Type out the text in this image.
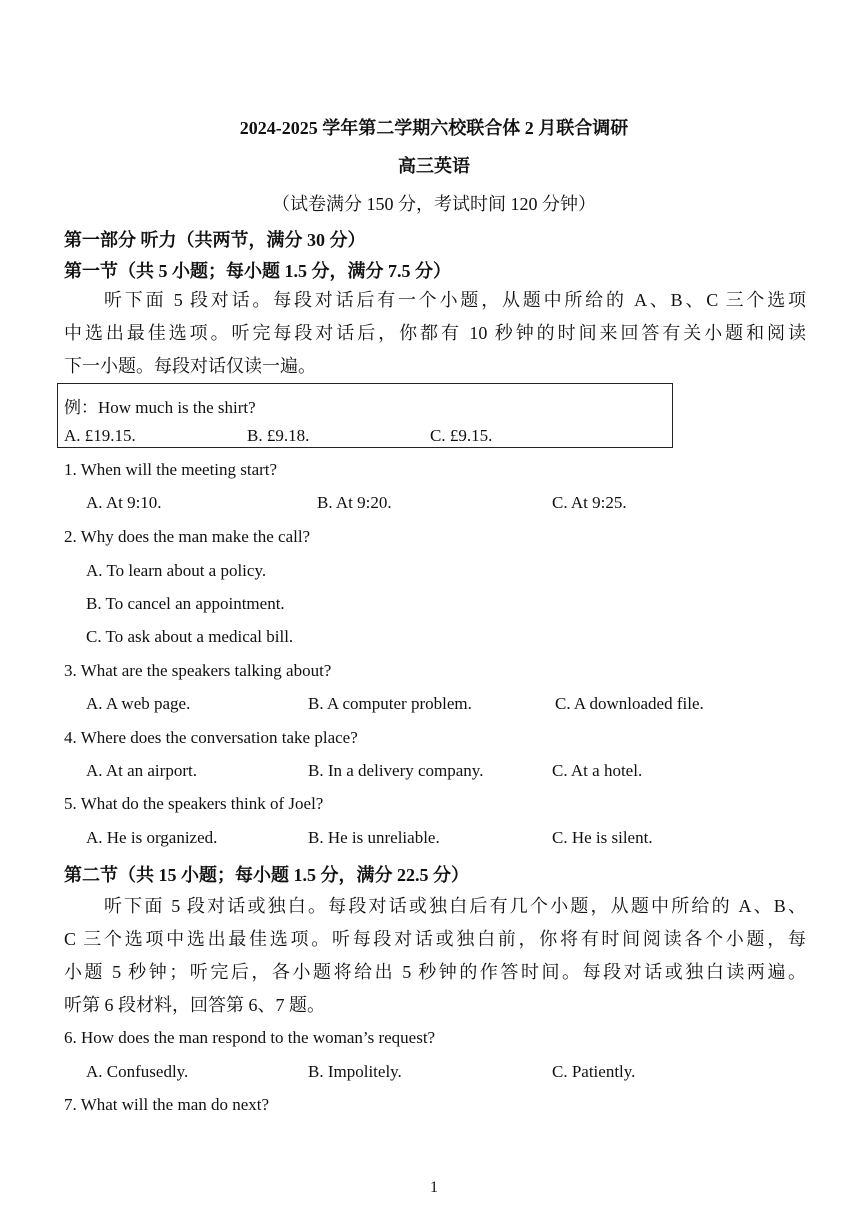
2024-2025 学年第二学期六校联合体 2 月联合调研
高三英语
（试卷满分 150 分，考试时间 120 分钟）
第一部分 听力（共两节，满分 30 分）
第一节（共 5 小题；每小题 1.5 分，满分 7.5 分）
听下面 5 段对话。每段对话后有一个小题，从题中所给的 A、B、C 三个选项
中选出最佳选项。听完每段对话后，你都有 10 秒钟的时间来回答有关小题和阅读
下一小题。每段对话仅读一遍。
例：How much is the shirt?
A. £19.15.	B. £9.18.	C. £9.15.
1. When will the meeting start?
A. At 9:10.	B. At 9:20.	C. At 9:25.
2. Why does the man make the call?
A. To learn about a policy.
B. To cancel an appointment.
C. To ask about a medical bill.
3. What are the speakers talking about?
A. A web page.	B. A computer problem.	C. A downloaded file.
4. Where does the conversation take place?
A. At an airport.	B. In a delivery company.	C. At a hotel.
5. What do the speakers think of Joel?
A. He is organized.	B. He is unreliable.	C. He is silent.
第二节（共 15 小题；每小题 1.5 分，满分 22.5 分）
听下面 5 段对话或独白。每段对话或独白后有几个小题，从题中所给的 A、B、
C 三个选项中选出最佳选项。听每段对话或独白前，你将有时间阅读各个小题，每
小题 5 秒钟；听完后，各小题将给出 5 秒钟的作答时间。每段对话或独白读两遍。
听第 6 段材料，回答第 6、7 题。
6. How does the man respond to the woman’s request?
A. Confusedly.	B. Impolitely.	C. Patiently.
7. What will the man do next?
1
